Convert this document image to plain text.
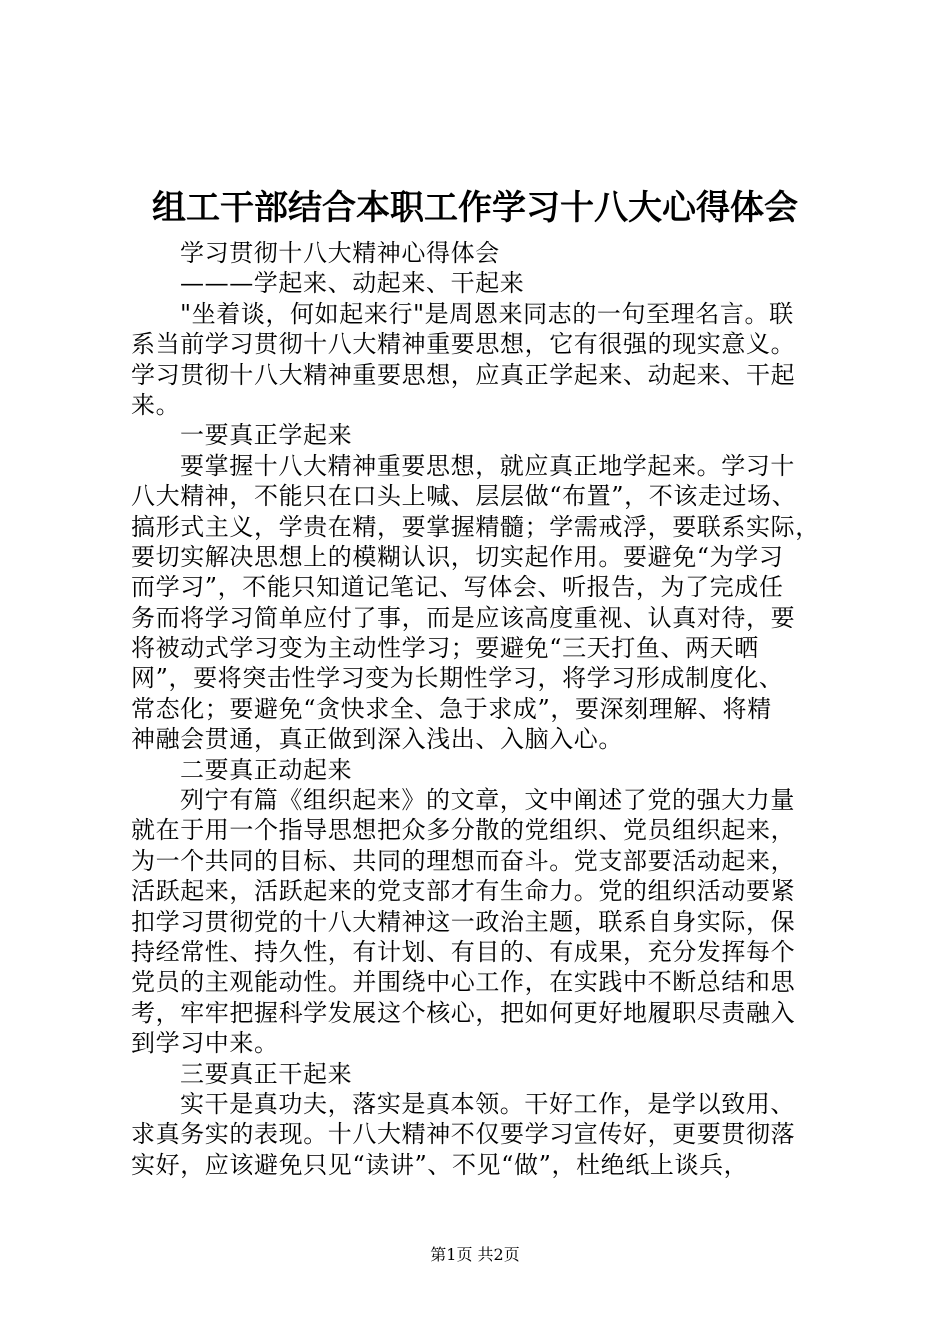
组工干部结合本职工作学习十八大心得体会
学习贯彻十八大精神心得体会
———学起来、动起来、干起来
"坐着谈，何如起来行"是周恩来同志的一句至理名言。联
系当前学习贯彻十八大精神重要思想，它有很强的现实意义。
学习贯彻十八大精神重要思想，应真正学起来、动起来、干起
来。
一要真正学起来
要掌握十八大精神重要思想，就应真正地学起来。学习十
八大精神，不能只在口头上喊、层层做“布置”，不该走过场、
搞形式主义，学贵在精，要掌握精髓；学需戒浮，要联系实际，
要切实解决思想上的模糊认识，切实起作用。要避免“为学习
而学习”，不能只知道记笔记、写体会、听报告，为了完成任
务而将学习简单应付了事，而是应该高度重视、认真对待，要
将被动式学习变为主动性学习；要避免“三天打鱼、两天晒
网”，要将突击性学习变为长期性学习，将学习形成制度化、
常态化；要避免“贪快求全、急于求成”，要深刻理解、将精
神融会贯通，真正做到深入浅出、入脑入心。
二要真正动起来
列宁有篇《组织起来》的文章，文中阐述了党的强大力量
就在于用一个指导思想把众多分散的党组织、党员组织起来，
为一个共同的目标、共同的理想而奋斗。党支部要活动起来，
活跃起来，活跃起来的党支部才有生命力。党的组织活动要紧
扣学习贯彻党的十八大精神这一政治主题，联系自身实际，保
持经常性、持久性，有计划、有目的、有成果，充分发挥每个
党员的主观能动性。并围绕中心工作，在实践中不断总结和思
考，牢牢把握科学发展这个核心，把如何更好地履职尽责融入
到学习中来。
三要真正干起来
实干是真功夫，落实是真本领。干好工作，是学以致用、
求真务实的表现。十八大精神不仅要学习宣传好，更要贯彻落
实好，应该避免只见“读讲”、不见“做”，杜绝纸上谈兵，
第1页 共2页
